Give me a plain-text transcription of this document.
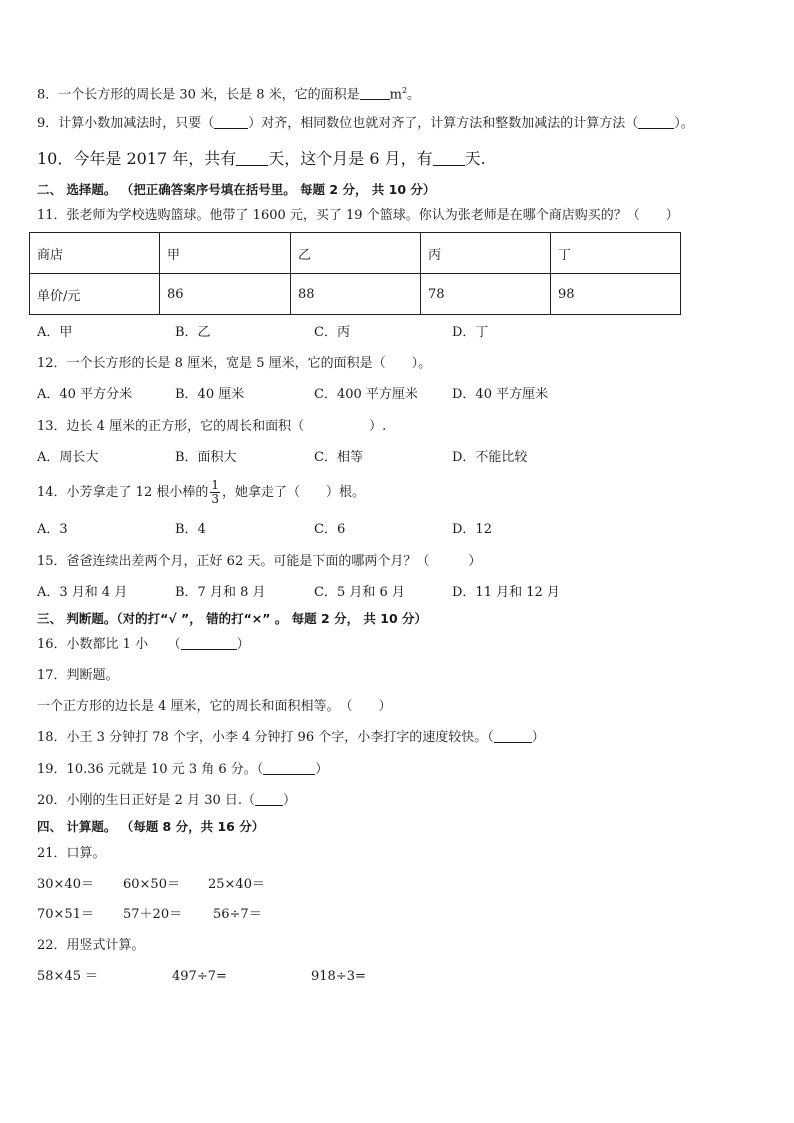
8．一个长方形的周长是 30 米，长是 8 米，它的面积是 $m^2$。
9．计算小数加减法时，只要（	）对齐，相同数位也就对齐了，计算方法和整数加减法的计算方法（	）。
10．今年是 2017 年，共有 天，这个月是 6 月，有 天.
二、 选择题。 （把正确答案序号填在括号里。 每题 2 分， 共 10 分）
11．张老师为学校选购篮球。他带了 1600 元，买了 19 个篮球。你认为张老师是在哪个商店购买的？（　　）
商店	甲	乙	丙	丁
单价/元	86	88	78	98
A．甲	B．乙	C．丙	D．丁
12．一个长方形的长是 8 厘米，宽是 5 厘米，它的面积是（　　）。
A．40 平方分米	B．40 厘米	C．400 平方厘米	D．40 平方厘米
13．边长 4 厘米的正方形，它的周长和面积（　　　　　）.
A．周长大	B．面积大	C．相等	D．不能比较
14．小芳拿走了 12 根小棒的 $\frac{1}{3}$ ，她拿走了（　　）根。
A．3	B．4	C．6	D．12
15．爸爸连续出差两个月，正好 62 天。可能是下面的哪两个月？（　　　）
A．3 月和 4 月	B．7 月和 8 月	C．5 月和 6 月	D．11 月和 12 月
三、 判断题。（对的打“√ ”， 错的打“×” 。 每题 2 分， 共 10 分）
16．小数都比 1 小　　（	）
17．判断题。
一个正方形的边长是 4 厘米，它的周长和面积相等。　（　　）
18．小王 3 分钟打 78 个字，小李 4 分钟打 96 个字，小李打字的速度较快。（	）
19．10.36 元就是 10 元 3 角 6 分。（	）
20．小刚的生日正好是 2 月 30 日.（ ）
四、 计算题。 （每题 8 分，共 16 分）
21．口算。
30×40＝ 60×50＝ 25×40＝
70×51＝ 57＋20＝ 56÷7＝
22．用竖式计算。
58×45 ＝	497÷7=	918÷3=
